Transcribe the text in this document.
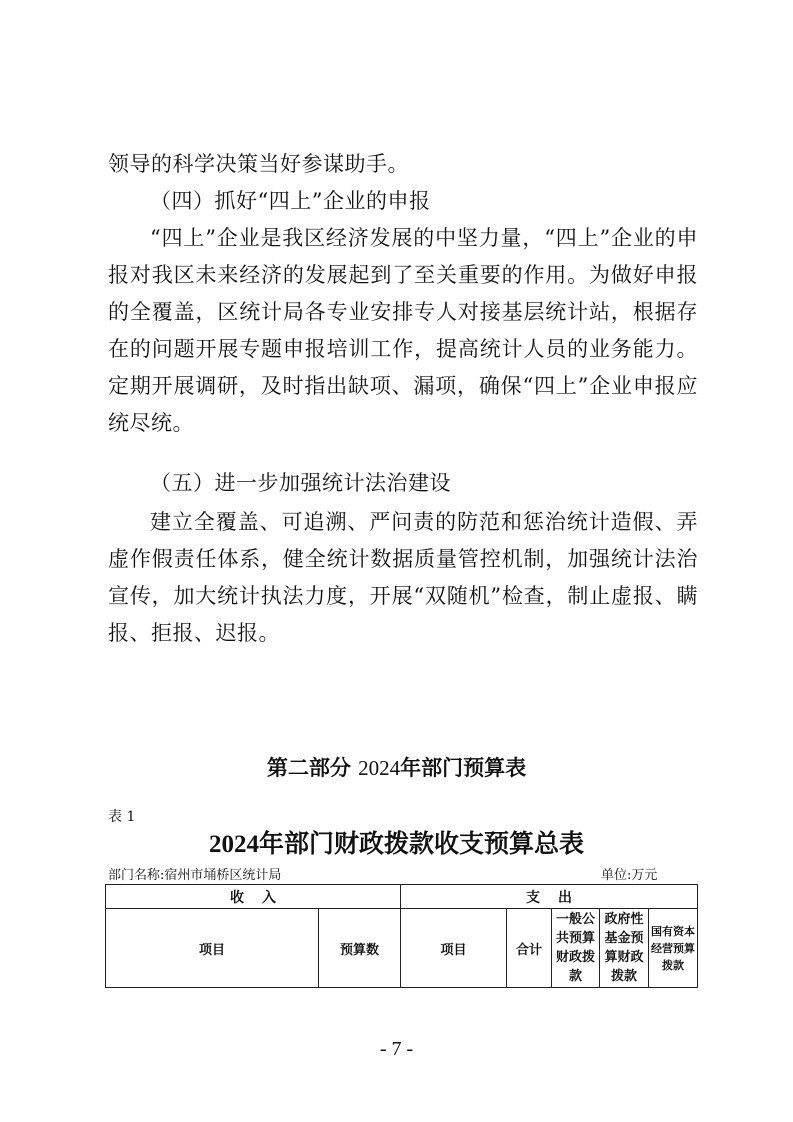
领导的科学决策当好参谋助手。

（四）抓好“四上”企业的申报

“四上”企业是我区经济发展的中坚力量，“四上”企业的申报对我区未来经济的发展起到了至关重要的作用。为做好申报的全覆盖，区统计局各专业安排专人对接基层统计站，根据存在的问题开展专题申报培训工作，提高统计人员的业务能力。定期开展调研，及时指出缺项、漏项，确保“四上”企业申报应统尽统。

（五）进一步加强统计法治建设

建立全覆盖、可追溯、严问责的防范和惩治统计造假、弄虚作假责任体系，健全统计数据质量管控机制，加强统计法治宣传，加大统计执法力度，开展“双随机”检查，制止虚报、瞒报、拒报、迟报。

第二部分 2024年部门预算表
表 1
2024年部门财政拨款收支预算总表
部门名称:宿州市埇桥区统计局	单位:万元
收入		支出				
项目	预算数	项目	合计	一般公共预算财政拨款	政府性基金预算财政拨款	国有资本经营预算拨款
- 7 -
